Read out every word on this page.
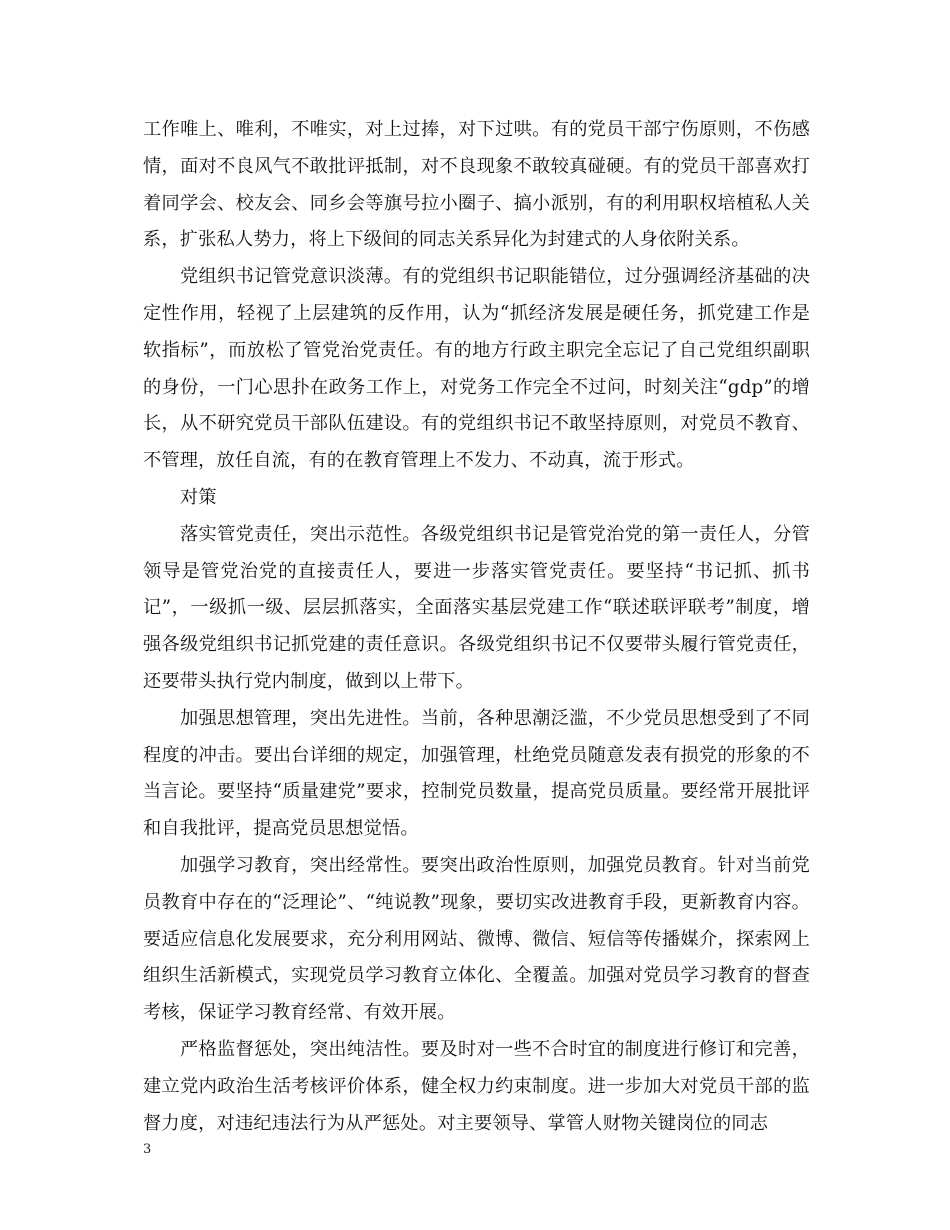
工作唯上、唯利，不唯实，对上过捧，对下过哄。有的党员干部宁伤原则，不伤感情，面对不良风气不敢批评抵制，对不良现象不敢较真碰硬。有的党员干部喜欢打着同学会、校友会、同乡会等旗号拉小圈子、搞小派别，有的利用职权培植私人关系，扩张私人势力，将上下级间的同志关系异化为封建式的人身依附关系。

党组织书记管党意识淡薄。有的党组织书记职能错位，过分强调经济基础的决定性作用，轻视了上层建筑的反作用，认为“抓经济发展是硬任务，抓党建工作是软指标”，而放松了管党治党责任。有的地方行政主职完全忘记了自己党组织副职的身份，一门心思扑在政务工作上，对党务工作完全不过问，时刻关注“gdp”的增长，从不研究党员干部队伍建设。有的党组织书记不敢坚持原则，对党员不教育、不管理，放任自流，有的在教育管理上不发力、不动真，流于形式。

对策

落实管党责任，突出示范性。各级党组织书记是管党治党的第一责任人，分管领导是管党治党的直接责任人，要进一步落实管党责任。要坚持“书记抓、抓书记”，一级抓一级、层层抓落实，全面落实基层党建工作“联述联评联考”制度，增强各级党组织书记抓党建的责任意识。各级党组织书记不仅要带头履行管党责任，还要带头执行党内制度，做到以上带下。

加强思想管理，突出先进性。当前，各种思潮泛滥，不少党员思想受到了不同程度的冲击。要出台详细的规定，加强管理，杜绝党员随意发表有损党的形象的不当言论。要坚持“质量建党”要求，控制党员数量，提高党员质量。要经常开展批评和自我批评，提高党员思想觉悟。

加强学习教育，突出经常性。要突出政治性原则，加强党员教育。针对当前党员教育中存在的“泛理论”、“纯说教”现象，要切实改进教育手段，更新教育内容。要适应信息化发展要求，充分利用网站、微博、微信、短信等传播媒介，探索网上组织生活新模式，实现党员学习教育立体化、全覆盖。加强对党员学习教育的督查考核，保证学习教育经常、有效开展。

严格监督惩处，突出纯洁性。要及时对一些不合时宜的制度进行修订和完善，建立党内政治生活考核评价体系，健全权力约束制度。进一步加大对党员干部的监督力度，对违纪违法行为从严惩处。对主要领导、掌管人财物关键岗位的同志

3
